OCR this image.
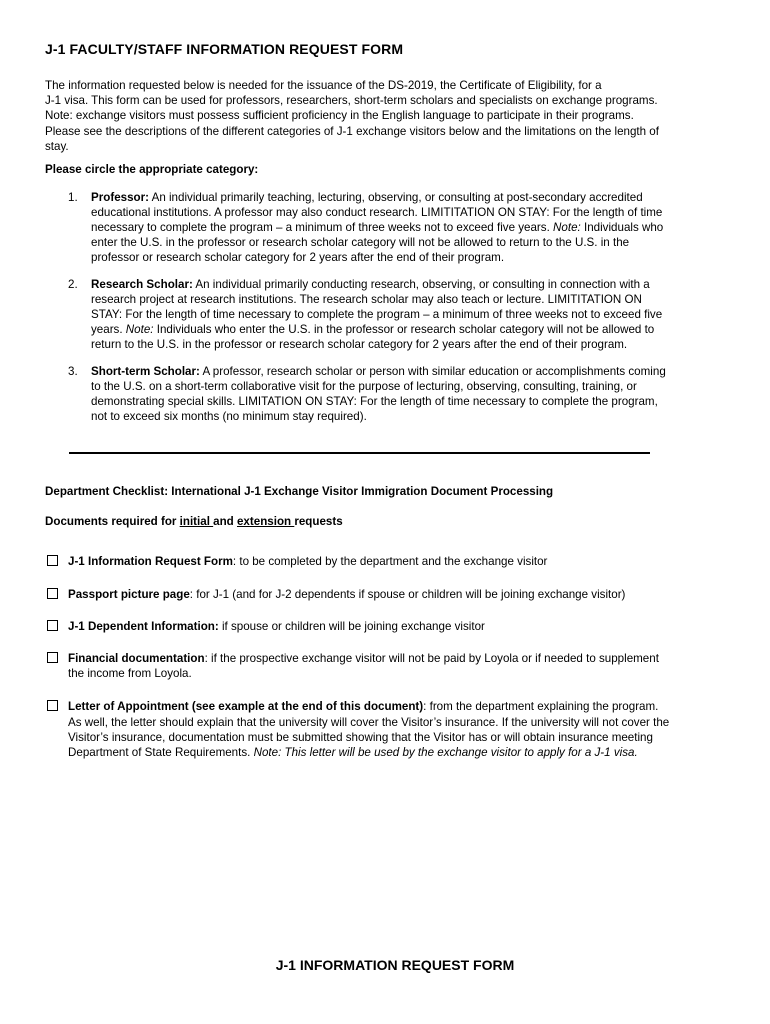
J-1 FACULTY/STAFF INFORMATION REQUEST FORM

The information requested below is needed for the issuance of the DS-2019, the Certificate of Eligibility, for a

J-1 visa. This form can be used for professors, researchers, short-term scholars and specialists on exchange programs.

Note: exchange visitors must possess sufficient proficiency in the English language to participate in their programs.

Please see the descriptions of the different categories of J-1 exchange visitors below and the limitations on the length of

stay.

Please circle the appropriate category:
1. Professor: An individual primarily teaching, lecturing, observing, or consulting at post-secondary accredited
educational institutions. A professor may also conduct research. LIMITITATION ON STAY: For the length of time
necessary to complete the program – a minimum of three weeks not to exceed five years. Note: Individuals who
enter the U.S. in the professor or research scholar category will not be allowed to return to the U.S. in the
professor or research scholar category for 2 years after the end of their program.
2. Research Scholar: An individual primarily conducting research, observing, or consulting in connection with a
research project at research institutions. The research scholar may also teach or lecture. LIMITITATION ON
STAY: For the length of time necessary to complete the program – a minimum of three weeks not to exceed five
years. Note: Individuals who enter the U.S. in the professor or research scholar category will not be allowed to
return to the U.S. in the professor or research scholar category for 2 years after the end of their program.
3. Short-term Scholar: A professor, research scholar or person with similar education or accomplishments coming
to the U.S. on a short-term collaborative visit for the purpose of lecturing, observing, consulting, training, or
demonstrating special skills. LIMITATION ON STAY: For the length of time necessary to complete the program,
not to exceed six months (no minimum stay required).
Department Checklist: International J-1 Exchange Visitor Immigration Document Processing
Documents required for initial and extension requests
J-1 Information Request Form: to be completed by the department and the exchange visitor
Passport picture page: for J-1 (and for J-2 dependents if spouse or children will be joining exchange visitor)
J-1 Dependent Information: if spouse or children will be joining exchange visitor
Financial documentation: if the prospective exchange visitor will not be paid by Loyola or if needed to supplement
the income from Loyola.
Letter of Appointment (see example at the end of this document): from the department explaining the program.
As well, the letter should explain that the university will cover the Visitor’s insurance. If the university will not cover the
Visitor’s insurance, documentation must be submitted showing that the Visitor has or will obtain insurance meeting
Department of State Requirements. Note: This letter will be used by the exchange visitor to apply for a J-1 visa.
J-1 INFORMATION REQUEST FORM
